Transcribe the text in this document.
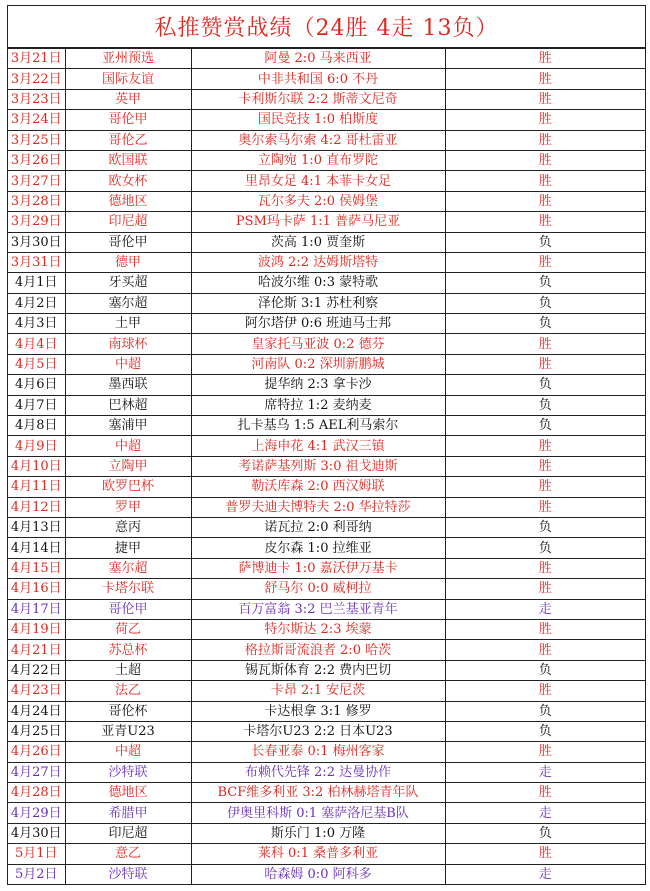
私推赞赏战绩（24胜 4走 13负）
3月21日	亚州预选	阿曼 2:0 马来西亚	胜
3月22日	国际友谊	中非共和国 6:0 不丹	胜
3月23日	英甲	卡利斯尔联 2:2 斯蒂文尼奇	胜
3月24日	哥伦甲	国民竞技 1:0 柏斯度	胜
3月25日	哥伦乙	奥尔索马尔索 4:2 哥杜雷亚	胜
3月26日	欧国联	立陶宛 1:0 直布罗陀	胜
3月27日	欧女杯	里昂女足 4:1 本菲卡女足	胜
3月28日	德地区	瓦尔多夫 2:0 侯姆堡	胜
3月29日	印尼超	PSM玛卡萨 1:1 普萨马尼亚	胜
3月30日	哥伦甲	茨高 1:0 贾奎斯	负
3月31日	德甲	波鸿 2:2 达姆斯塔特	胜
4月1日	牙买超	哈波尔维 0:3 蒙特歌	负
4月2日	塞尔超	泽伦斯 3:1 苏杜利察	负
4月3日	土甲	阿尔塔伊 0:6 班迪马士邦	负
4月4日	南球杯	皇家托马亚波 0:2 德芬	胜
4月5日	中超	河南队 0:2 深圳新鹏城	胜
4月6日	墨西联	提华纳 2:3 拿卡沙	负
4月7日	巴林超	席特拉 1:2 麦纳麦	负
4月8日	塞浦甲	扎卡基乌 1:5 AEL利马索尔	负
4月9日	中超	上海申花 4:1 武汉三镇	胜
4月10日	立陶甲	考诺萨基列斯 3:0 祖戈迪斯	胜
4月11日	欧罗巴杯	勒沃库森 2:0 西汉姆联	胜
4月12日	罗甲	普罗夫迪夫博特夫 2:0 华拉特莎	胜
4月13日	意丙	诺瓦拉 2:0 利哥纳	负
4月14日	捷甲	皮尔森 1:0 拉维亚	负
4月15日	塞尔超	萨博迪卡 1:0 嘉沃伊万基卡	胜
4月16日	卡塔尔联	舒马尔 0:0 威柯拉	胜
4月17日	哥伦甲	百万富翁 3:2 巴兰基亚青年	走
4月19日	荷乙	特尔斯达 2:3 埃蒙	胜
4月21日	苏总杯	格拉斯哥流浪者 2:0 哈茨	胜
4月22日	土超	锡瓦斯体育 2:2 费内巴切	负
4月23日	法乙	卡昂 2:1 安尼茨	胜
4月24日	哥伦杯	卡达根拿 3:1 修罗	负
4月25日	亚青U23	卡塔尔U23 2:2 日本U23	负
4月26日	中超	长春亚泰 0:1 梅州客家	胜
4月27日	沙特联	布赖代先锋 2:2 达曼协作	走
4月28日	德地区	BCF维多利亚 3:2 柏林赫塔青年队	胜
4月29日	希腊甲	伊奥里科斯 0:1 塞萨洛尼基B队	走
4月30日	印尼超	斯乐门 1:0 万隆	负
5月1日	意乙	莱科 0:1 桑普多利亚	胜
5月2日	沙特联	哈森姆 0:0 阿科多	走
